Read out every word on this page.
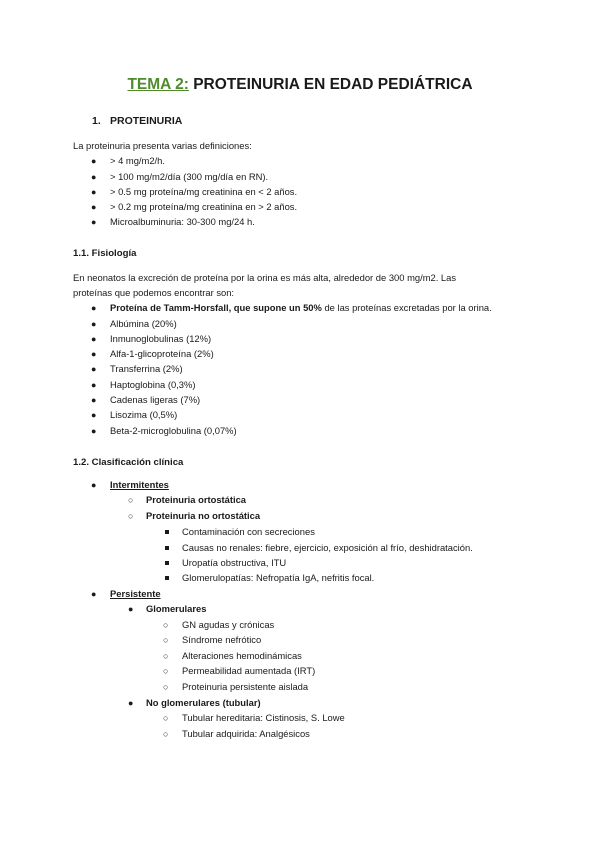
TEMA 2: PROTEINURIA EN EDAD PEDIÁTRICA
1. PROTEINURIA
La proteinuria presenta varias definiciones:
● > 4 mg/m2/h.
● > 100 mg/m2/día (300 mg/día en RN).
● > 0.5 mg proteína/mg creatinina en < 2 años.
● > 0.2 mg proteína/mg creatinina en > 2 años.
● Microalbuminuria: 30-300 mg/24 h.
1.1. Fisiología
En neonatos la excreción de proteína por la orina es más alta, alrededor de 300 mg/m2. Las
proteínas que podemos encontrar son:
● Proteína de Tamm-Horsfall, que supone un 50% de las proteínas excretadas por la orina.
● Albúmina (20%)
● Inmunoglobulinas (12%)
● Alfa-1-glicoproteína (2%)
● Transferrina (2%)
● Haptoglobina (0,3%)
● Cadenas ligeras (7%)
● Lisozima (0,5%)
● Beta-2-microglobulina (0,07%)
1.2. Clasificación clínica
● Intermitentes
○ Proteinuria ortostática
○ Proteinuria no ortostática
Contaminación con secreciones
Causas no renales: fiebre, ejercicio, exposición al frío, deshidratación.
Uropatía obstructiva, ITU
Glomerulopatías: Nefropatía IgA, nefritis focal.
● Persistente
● Glomerulares
○ GN agudas y crónicas
○ Síndrome nefrótico
○ Alteraciones hemodinámicas
○ Permeabilidad aumentada (IRT)
○ Proteinuria persistente aislada
● No glomerulares (tubular)
○ Tubular hereditaria: Cistinosis, S. Lowe
○ Tubular adquirida: Analgésicos
